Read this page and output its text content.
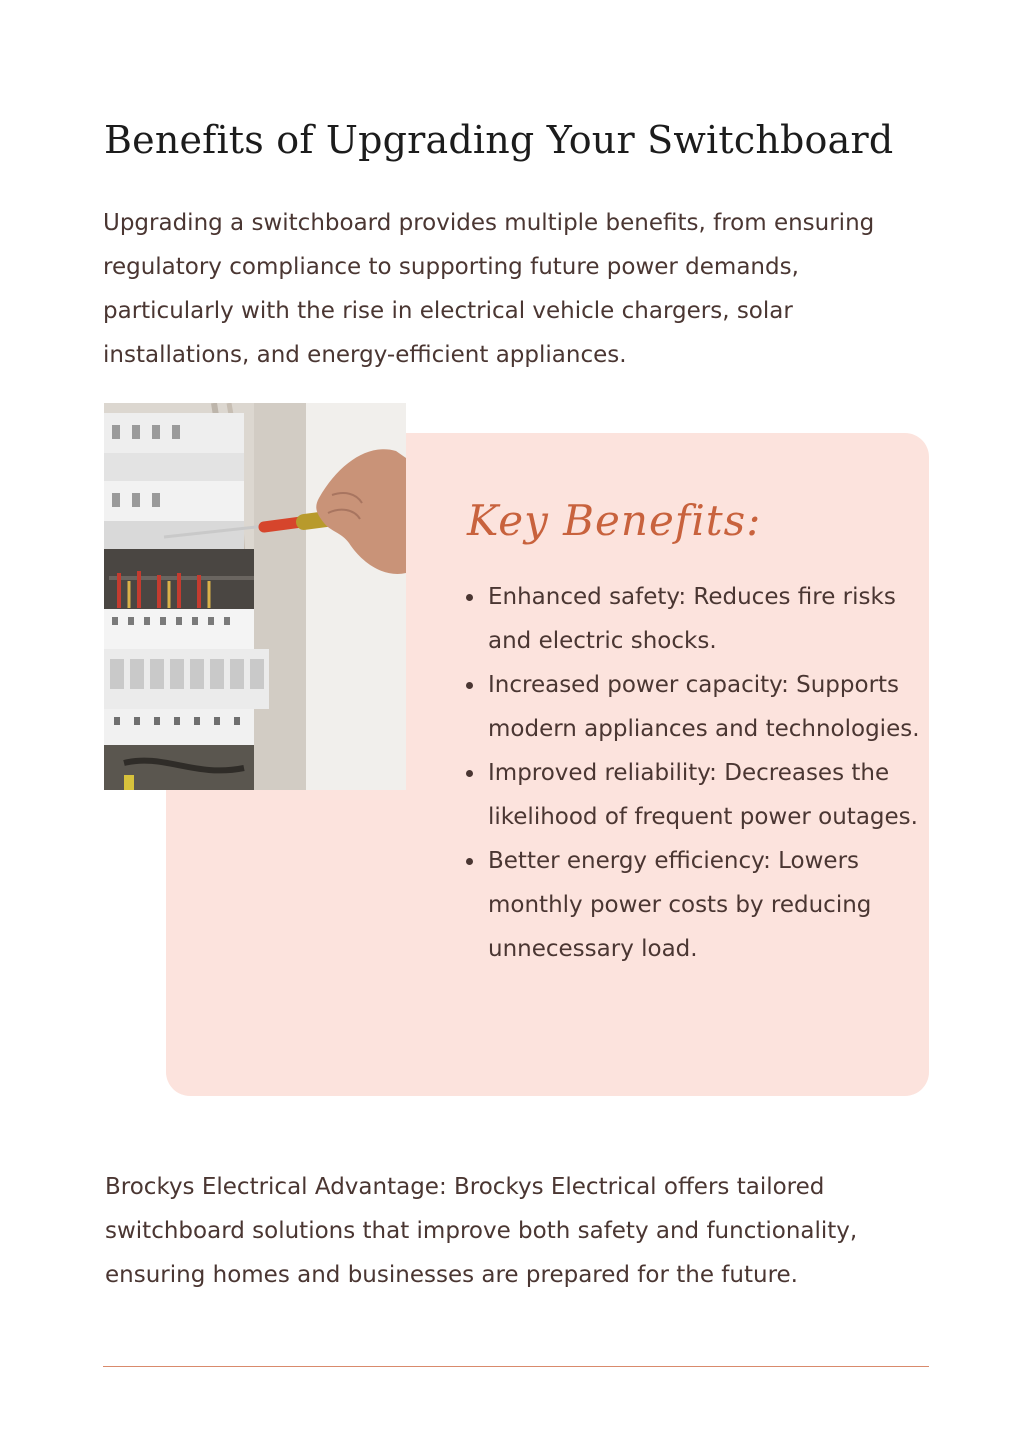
Benefits of Upgrading Your Switchboard

Upgrading a switchboard provides multiple benefits, from ensuring regulatory compliance to supporting future power demands, particularly with the rise in electrical vehicle chargers, solar installations, and energy-efficient appliances.

Key Benefits:
Enhanced safety: Reduces fire risks and electric shocks.
Increased power capacity: Supports modern appliances and technologies.
Improved reliability: Decreases the likelihood of frequent power outages.
Better energy efficiency: Lowers monthly power costs by reducing unnecessary load.

Brockys Electrical Advantage: Brockys Electrical offers tailored switchboard solutions that improve both safety and functionality, ensuring homes and businesses are prepared for the future.
